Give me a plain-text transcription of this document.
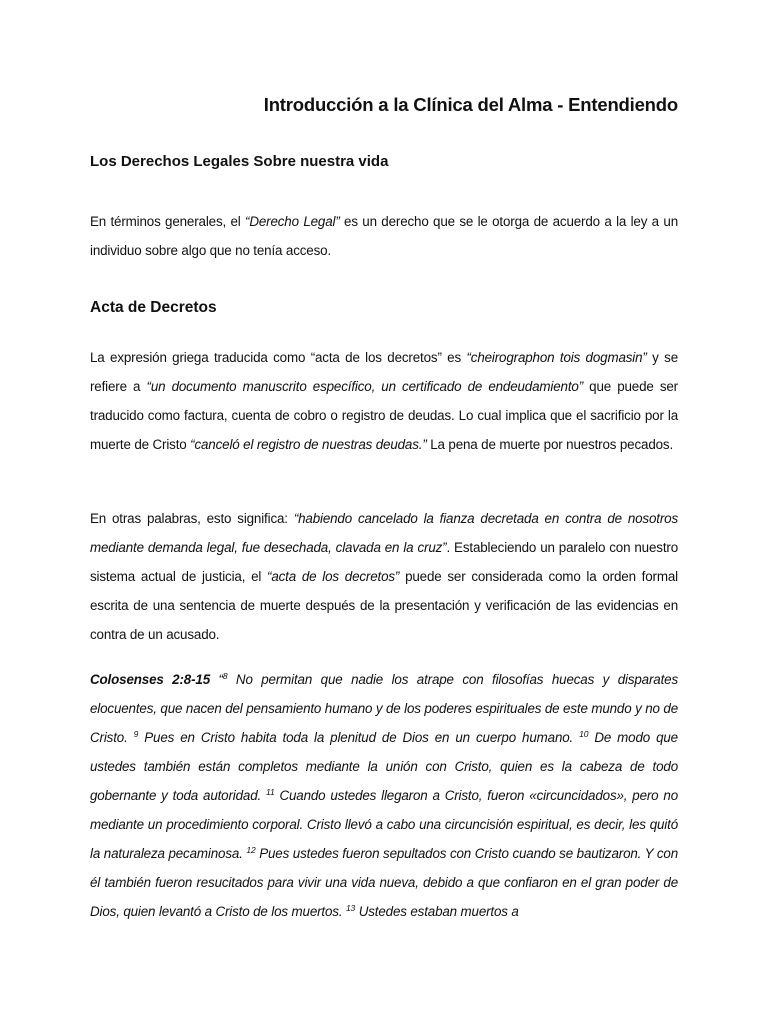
Introducción a la Clínica del Alma - Entendiendo
Los Derechos Legales Sobre nuestra vida

En términos generales, el “Derecho Legal” es un derecho que se le otorga de acuerdo a la ley a un individuo sobre algo que no tenía acceso.

Acta de Decretos

La expresión griega traducida como “acta de los decretos” es “cheirographon tois dogmasin” y se refiere a “un documento manuscrito específico, un certificado de endeudamiento” que puede ser traducido como factura, cuenta de cobro o registro de deudas. Lo cual implica que el sacrificio por la muerte de Cristo “canceló el registro de nuestras deudas.” La pena de muerte por nuestros pecados.

En otras palabras, esto significa: “habiendo cancelado la fianza decretada en contra de nosotros mediante demanda legal, fue desechada, clavada en la cruz”. Estableciendo un paralelo con nuestro sistema actual de justicia, el “acta de los decretos” puede ser considerada como la orden formal escrita de una sentencia de muerte después de la presentación y verificación de las evidencias en contra de un acusado.

Colosenses 2:8-15 “$^8$ No permitan que nadie los atrape con filosofías huecas y disparates elocuentes, que nacen del pensamiento humano y de los poderes espirituales de este mundo y no de Cristo. $^9$ Pues en Cristo habita toda la plenitud de Dios en un cuerpo humano. $^{10}$ De modo que ustedes también están completos mediante la unión con Cristo, quien es la cabeza de todo gobernante y toda autoridad. $^{11}$ Cuando ustedes llegaron a Cristo, fueron «circuncidados», pero no mediante un procedimiento corporal. Cristo llevó a cabo una circuncisión espiritual, es decir, les quitó la naturaleza pecaminosa. $^{12}$ Pues ustedes fueron sepultados con Cristo cuando se bautizaron. Y con él también fueron resucitados para vivir una vida nueva, debido a que confiaron en el gran poder de Dios, quien levantó a Cristo de los muertos. $^{13}$ Ustedes estaban muertos a
